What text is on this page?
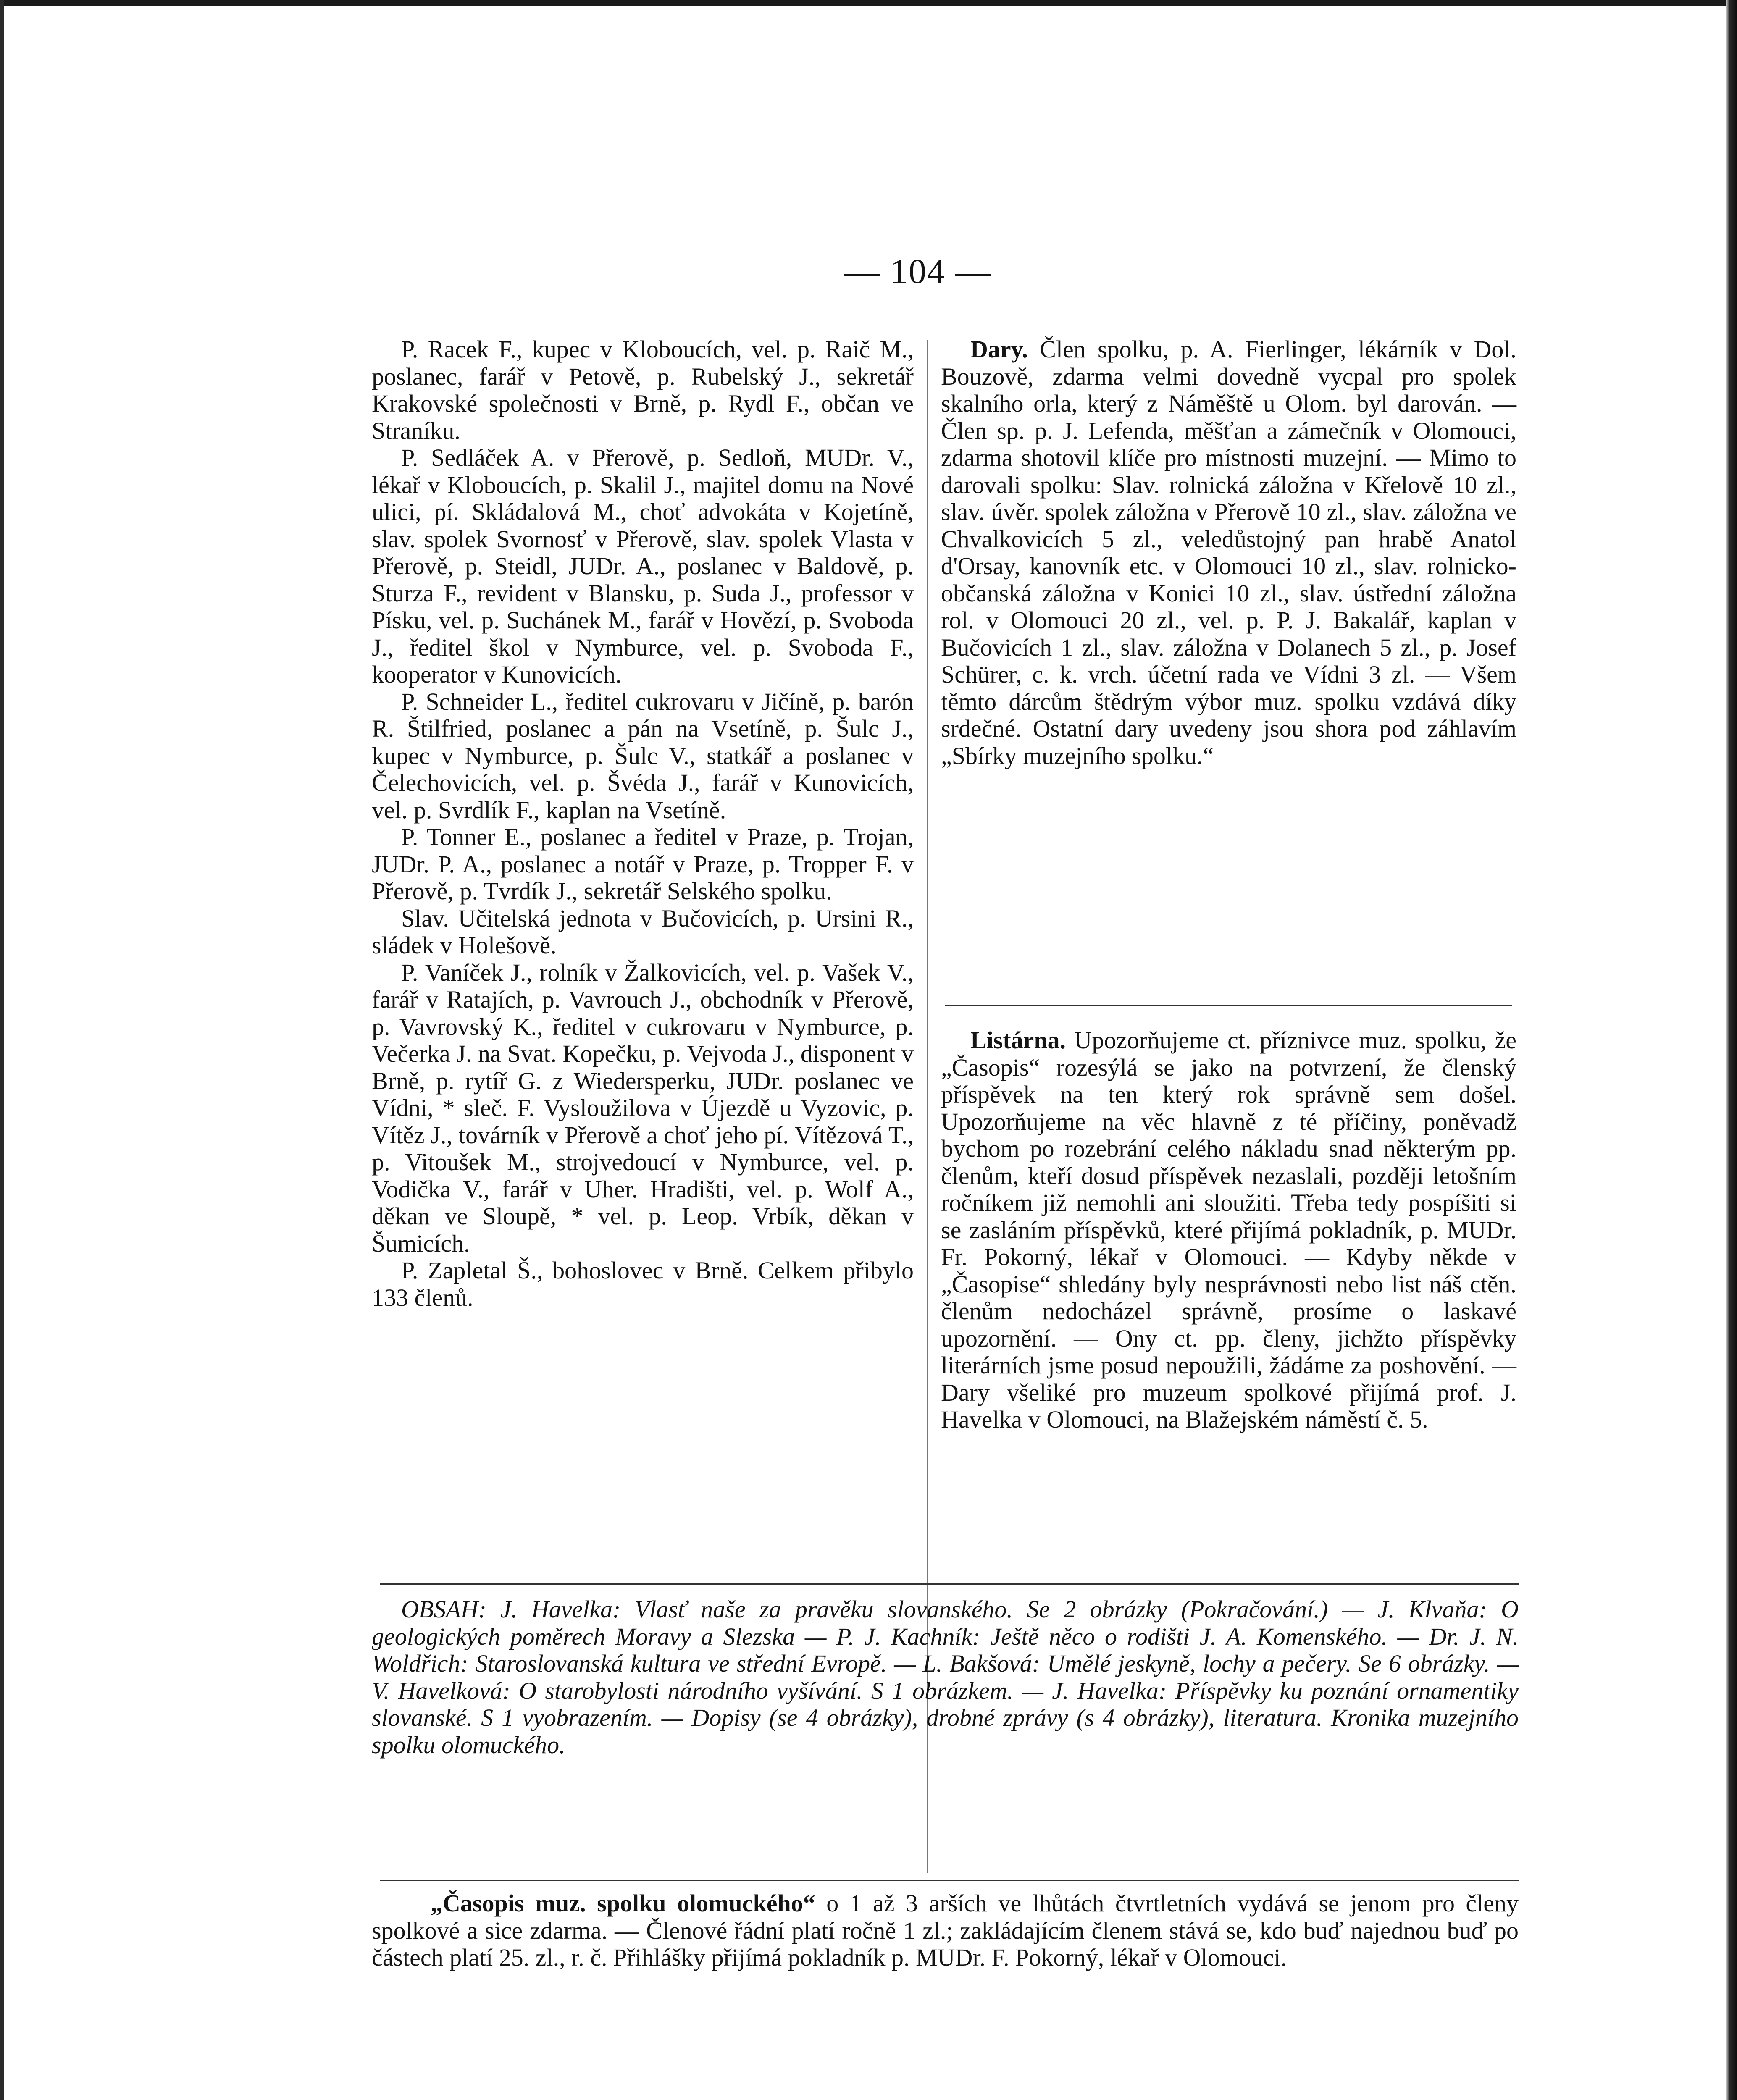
— 104 —

P. Racek F., kupec v Kloboucích, vel. p. Raič M., poslanec, farář v Petově, p. Rubelský J., sekretář Krakovské společnosti v Brně, p. Rydl F., občan ve Straníku.

P. Sedláček A. v Přerově, p. Sedloň, MUDr. V., lékař v Kloboucích, p. Skalil J., majitel domu na Nové ulici, pí. Skládalová M., choť advokáta v Kojetíně, slav. spolek Svornosť v Přerově, slav. spolek Vlasta v Přerově, p. Steidl, JUDr. A., poslanec v Baldově, p. Sturza F., revident v Blansku, p. Suda J., professor v Písku, vel. p. Suchánek M., farář v Hovězí, p. Svoboda J., ředitel škol v Nymburce, vel. p. Svoboda F., kooperator v Kunovicích.

P. Schneider L., ředitel cukrovaru v Jičíně, p. barón R. Štilfried, poslanec a pán na Vsetíně, p. Šulc J., kupec v Nymburce, p. Šulc V., statkář a poslanec v Čelechovicích, vel. p. Švéda J., farář v Kunovicích, vel. p. Svrdlík F., kaplan na Vsetíně.

P. Tonner E., poslanec a ředitel v Praze, p. Trojan, JUDr. P. A., poslanec a notář v Praze, p. Tropper F. v Přerově, p. Tvrdík J., sekretář Selského spolku.

Slav. Učitelská jednota v Bučovicích, p. Ursini R., sládek v Holešově.

P. Vaníček J., rolník v Žalkovicích, vel. p. Vašek V., farář v Ratajích, p. Vavrouch J., obchodník v Přerově, p. Vavrovský K., ředitel v cukrovaru v Nymburce, p. Večerka J. na Svat. Kopečku, p. Vejvoda J., disponent v Brně, p. rytíř G. z Wiedersperku, JUDr. poslanec ve Vídni, * sleč. F. Vysloužilova v Újezdě u Vyzovic, p. Vítěz J., továrník v Přerově a choť jeho pí. Vítězová T., p. Vitoušek M., strojvedoucí v Nymburce, vel. p. Vodička V., farář v Uher. Hradišti, vel. p. Wolf A., děkan ve Sloupě, * vel. p. Leop. Vrbík, děkan v Šumicích.

P. Zapletal Š., bohoslovec v Brně. Celkem přibylo 133 členů.

Dary. Člen spolku, p. A. Fierlinger, lékárník v Dol. Bouzově, zdarma velmi dovedně vycpal pro spolek skalního orla, který z Náměště u Olom. byl darován. — Člen sp. p. J. Lefenda, měšťan a zámečník v Olomouci, zdarma shotovil klíče pro místnosti muzejní. — Mimo to darovali spolku: Slav. rolnická záložna v Křelově 10 zl., slav. úvěr. spolek záložna v Přerově 10 zl., slav. záložna ve Chvalkovicích 5 zl., veledůstojný pan hrabě Anatol d'Orsay, kanovník etc. v Olomouci 10 zl., slav. rolnicko-občanská záložna v Konici 10 zl., slav. ústřední záložna rol. v Olomouci 20 zl., vel. p. P. J. Bakalář, kaplan v Bučovicích 1 zl., slav. záložna v Dolanech 5 zl., p. Josef Schürer, c. k. vrch. účetní rada ve Vídni 3 zl. — Všem těmto dárcům štědrým výbor muz. spolku vzdává díky srdečné. Ostatní dary uvedeny jsou shora pod záhlavím „Sbírky muzejního spolku.“

Listárna. Upozorňujeme ct. příznivce muz. spolku, že „Časopis“ rozesýlá se jako na potvrzení, že členský příspěvek na ten který rok správně sem došel. Upozorňujeme na věc hlavně z té příčiny, poněvadž bychom po rozebrání celého nákladu snad některým pp. členům, kteří dosud příspěvek nezaslali, později letošním ročníkem již nemohli ani sloužiti. Třeba tedy pospíšiti si se zasláním příspěvků, které přijímá pokladník, p. MUDr. Fr. Pokorný, lékař v Olomouci. — Kdyby někde v „Časopise“ shledány byly nesprávnosti nebo list náš ctěn. členům nedocházel správně, prosíme o laskavé upozornění. — Ony ct. pp. členy, jichžto příspěvky literárních jsme posud nepoužili, žádáme za poshovění. — Dary všeliké pro muzeum spolkové přijímá prof. J. Havelka v Olomouci, na Blažejském náměstí č. 5.

OBSAH: J. Havelka: Vlasť naše za pravěku slovanského. Se 2 obrázky (Pokračování.) — J. Klvaňa: O geologických poměrech Moravy a Slezska — P. J. Kachník: Ještě něco o rodišti J. A. Komenského. — Dr. J. N. Woldřich: Staroslovanská kultura ve střední Evropě. — L. Bakšová: Umělé jeskyně, lochy a pečery. Se 6 obrázky. — V. Havelková: O starobylosti národního vyšívání. S 1 obrázkem. — J. Havelka: Příspěvky ku poznání ornamentiky slovanské. S 1 vyobrazením. — Dopisy (se 4 obrázky), drobné zprávy (s 4 obrázky), literatura. Kronika muzejního spolku olomuckého.
„Časopis muz. spolku olomuckého“ o 1 až 3 arších ve lhůtách čtvrtletních vydává se jenom pro členy spolkové a sice zdarma. — Členové řádní platí ročně 1 zl.; zakládajícím členem stává se, kdo buď najednou buď po částech platí 25. zl., r. č. Přihlášky přijímá pokladník p. MUDr. F. Pokorný, lékař v Olomouci.
